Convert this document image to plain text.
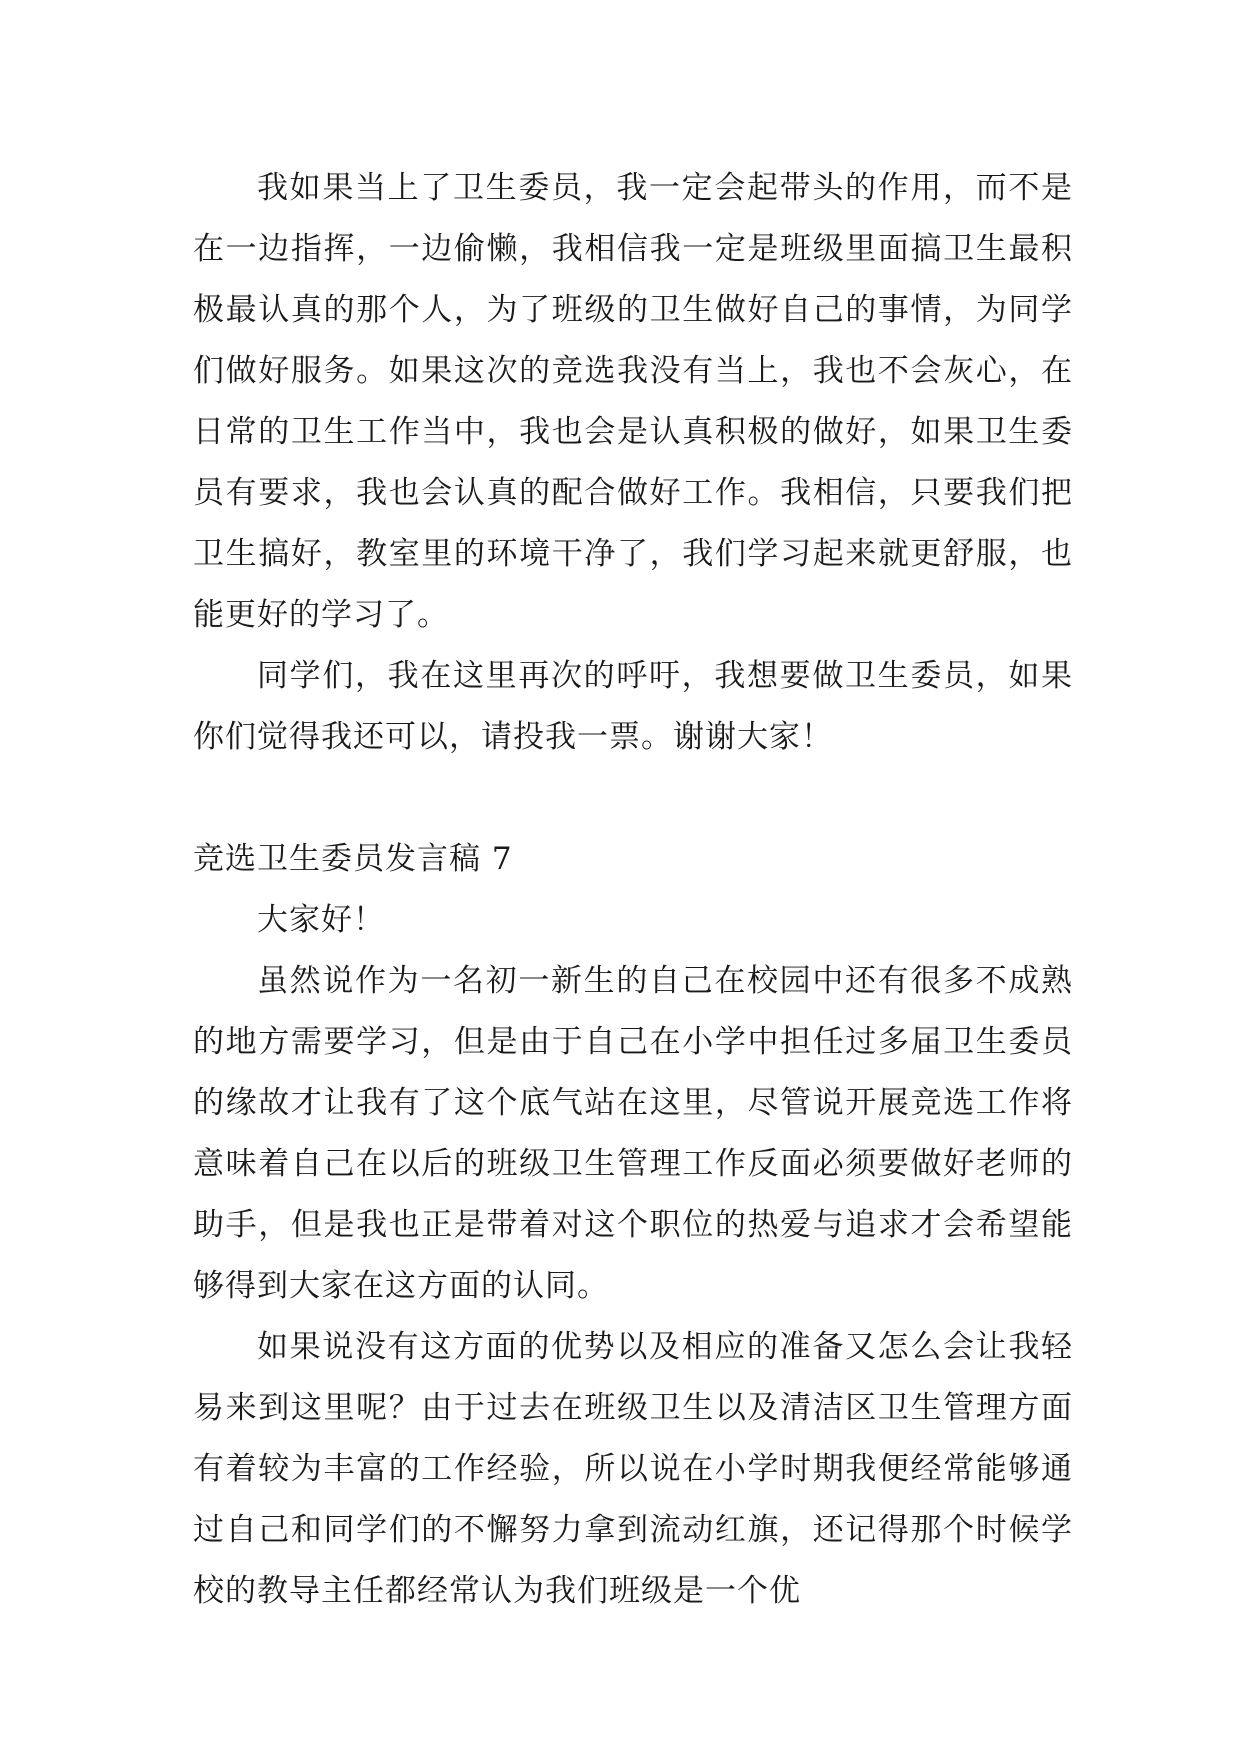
我如果当上了卫生委员，我一定会起带头的作用，而不是在一边指挥，一边偷懒，我相信我一定是班级里面搞卫生最积极最认真的那个人，为了班级的卫生做好自己的事情，为同学们做好服务。如果这次的竞选我没有当上，我也不会灰心，在日常的卫生工作当中，我也会是认真积极的做好，如果卫生委员有要求，我也会认真的配合做好工作。我相信，只要我们把卫生搞好，教室里的环境干净了，我们学习起来就更舒服，也能更好的学习了。

同学们，我在这里再次的呼吁，我想要做卫生委员，如果你们觉得我还可以，请投我一票。谢谢大家！

竞选卫生委员发言稿 7

大家好！

虽然说作为一名初一新生的自己在校园中还有很多不成熟的地方需要学习，但是由于自己在小学中担任过多届卫生委员的缘故才让我有了这个底气站在这里，尽管说开展竞选工作将意味着自己在以后的班级卫生管理工作反面必须要做好老师的助手，但是我也正是带着对这个职位的热爱与追求才会希望能够得到大家在这方面的认同。

如果说没有这方面的优势以及相应的准备又怎么会让我轻易来到这里呢？由于过去在班级卫生以及清洁区卫生管理方面有着较为丰富的工作经验，所以说在小学时期我便经常能够通过自己和同学们的不懈努力拿到流动红旗，还记得那个时候学校的教导主任都经常认为我们班级是一个优
